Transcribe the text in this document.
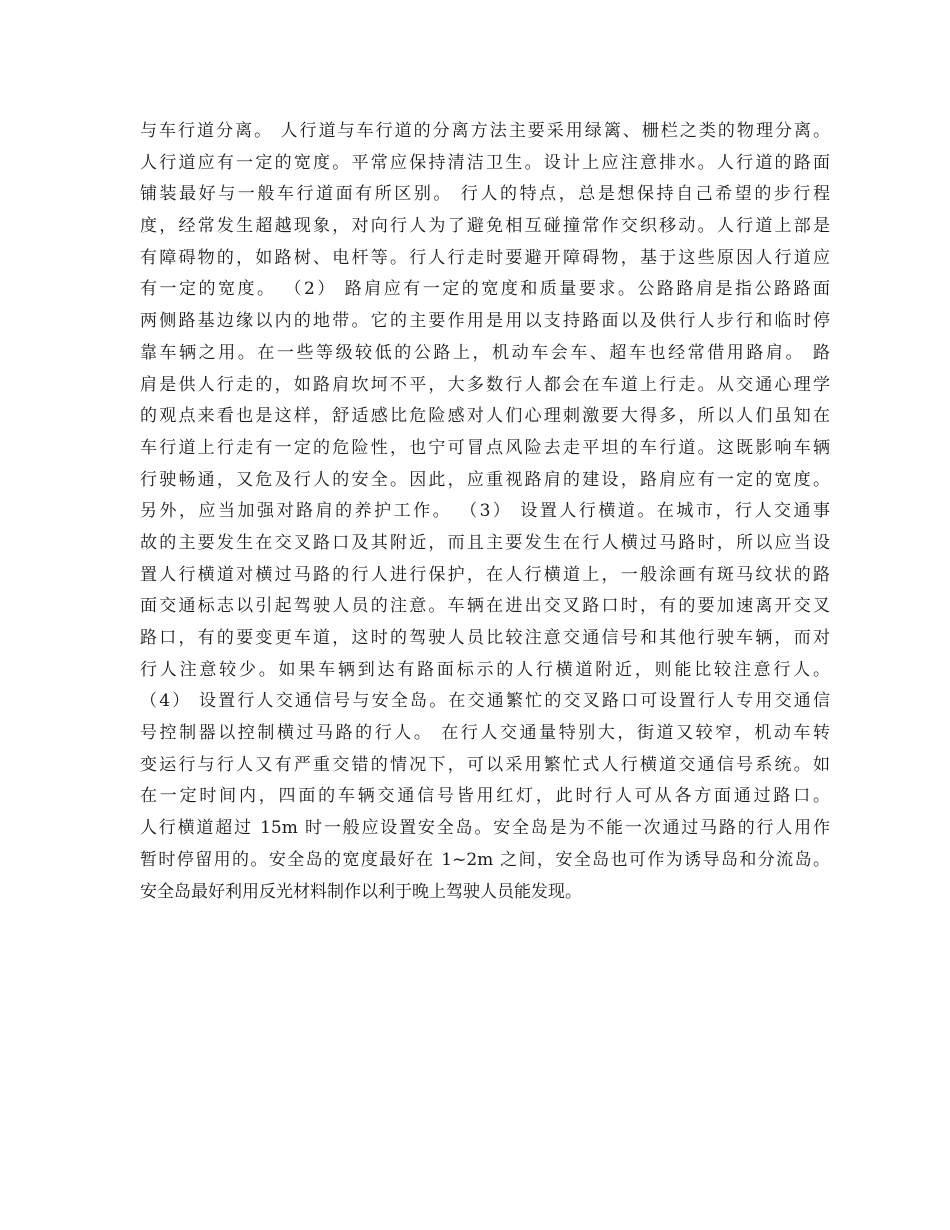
与车行道分离。 人行道与车行道的分离方法主要采用绿篱、栅栏之类的物理分离。
人行道应有一定的宽度。平常应保持清洁卫生。设计上应注意排水。人行道的路面
铺装最好与一般车行道面有所区别。 行人的特点，总是想保持自己希望的步行程
度，经常发生超越现象，对向行人为了避免相互碰撞常作交织移动。人行道上部是
有障碍物的，如路树、电杆等。行人行走时要避开障碍物，基于这些原因人行道应
有一定的宽度。 （2） 路肩应有一定的宽度和质量要求。公路路肩是指公路路面
两侧路基边缘以内的地带。它的主要作用是用以支持路面以及供行人步行和临时停
靠车辆之用。在一些等级较低的公路上，机动车会车、超车也经常借用路肩。 路
肩是供人行走的，如路肩坎坷不平，大多数行人都会在车道上行走。从交通心理学
的观点来看也是这样，舒适感比危险感对人们心理刺激要大得多，所以人们虽知在
车行道上行走有一定的危险性，也宁可冒点风险去走平坦的车行道。这既影响车辆
行驶畅通，又危及行人的安全。因此，应重视路肩的建设，路肩应有一定的宽度。
另外，应当加强对路肩的养护工作。 （3） 设置人行横道。在城市，行人交通事
故的主要发生在交叉路口及其附近，而且主要发生在行人横过马路时，所以应当设
置人行横道对横过马路的行人进行保护，在人行横道上，一般涂画有斑马纹状的路
面交通标志以引起驾驶人员的注意。车辆在进出交叉路口时，有的要加速离开交叉
路口，有的要变更车道，这时的驾驶人员比较注意交通信号和其他行驶车辆，而对
行人注意较少。如果车辆到达有路面标示的人行横道附近，则能比较注意行人。
（4） 设置行人交通信号与安全岛。在交通繁忙的交叉路口可设置行人专用交通信
号控制器以控制横过马路的行人。 在行人交通量特别大，街道又较窄，机动车转
变运行与行人又有严重交错的情况下，可以采用繁忙式人行横道交通信号系统。如
在一定时间内，四面的车辆交通信号皆用红灯，此时行人可从各方面通过路口。
人行横道超过 15m 时一般应设置安全岛。安全岛是为不能一次通过马路的行人用作
暂时停留用的。安全岛的宽度最好在 1~2m 之间，安全岛也可作为诱导岛和分流岛。
安全岛最好利用反光材料制作以利于晚上驾驶人员能发现。
